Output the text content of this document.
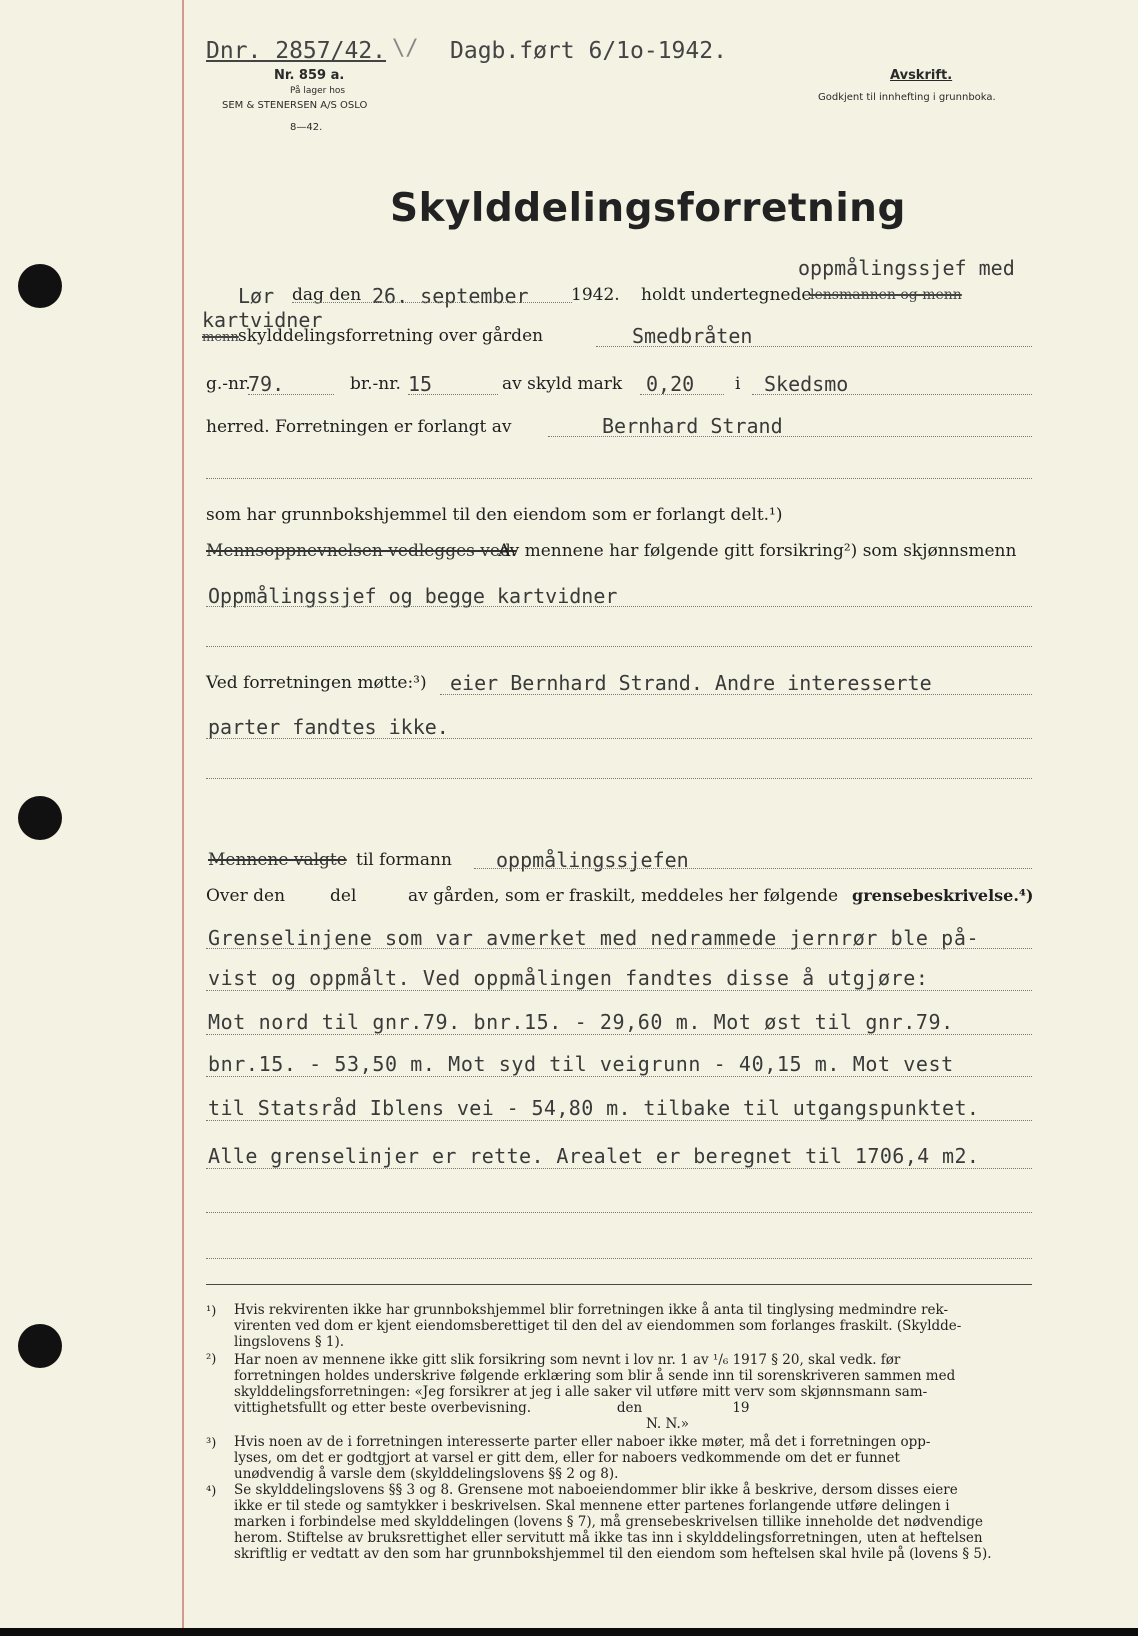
Dnr. 2857/42. \/ Dagb.ført 6/1o-1942.
Nr. 859 a.
På lager hos
SEM & STENERSEN A/S OSLO
8—42.
Avskrift.
Godkjent til innhefting i grunnboka.
Skylddelingsforretning
oppmålingssjef med
Lør dag den 26. september 1942. holdt undertegnede
lensmannen og menn
kartvidner
menn skylddelingsforretning over gården	Smedbråten
g.-nr.
79.	br.-nr. 15	av skyld mark 0,20 i Skedsmo
herred. Forretningen er forlangt av	Bernhard Strand
som har grunnbokshjemmel til den eiendom som er forlangt delt.¹)
Mennsoppnevnelsen vedlegges ved.
Av mennene har følgende gitt forsikring²) som skjønnsmenn
Oppmålingssjef og begge kartvidner
Ved forretningen møtte:³) eier Bernhard Strand. Andre interesserte
parter fandtes ikke.
Mennene valgte til formann oppmålingssjefen
Over den	del	av gården, som er fraskilt, meddeles her følgende grensebeskrivelse.⁴)
Grenselinjene som var avmerket med nedrammede jernrør ble på-
vist og oppmålt. Ved oppmålingen fandtes disse å utgjøre:
Mot nord til gnr.79. bnr.15. - 29,60 m. Mot øst til gnr.79.
bnr.15. - 53,50 m. Mot syd til veigrunn - 40,15 m. Mot vest
til Statsråd Iblens vei - 54,80 m. tilbake til utgangspunktet.
Alle grenselinjer er rette. Arealet er beregnet til 1706,4 m2.
¹) Hvis rekvirenten ikke har grunnbokshjemmel blir forretningen ikke å anta til tinglysing medmindre rek-
virenten ved dom er kjent eiendomsberettiget til den del av eiendommen som forlanges fraskilt. (Skyldde-
lingslovens § 1).
²) Har noen av mennene ikke gitt slik forsikring som nevnt i lov nr. 1 av ¹/₆ 1917 § 20, skal vedk. før
forretningen holdes underskrive følgende erklæring som blir å sende inn til sorenskriveren sammen med
skylddelingsforretningen: «Jeg forsikrer at jeg i alle saker vil utføre mitt verv som skjønnsmann sam-
vittighetsfullt og etter beste overbevisning.                    den                     19
N. N.»
³) Hvis noen av de i forretningen interesserte parter eller naboer ikke møter, må det i forretningen opp-
lyses, om det er godtgjort at varsel er gitt dem, eller for naboers vedkommende om det er funnet
unødvendig å varsle dem (skylddelingslovens §§ 2 og 8).
⁴) Se skylddelingslovens §§ 3 og 8. Grensene mot naboeiendommer blir ikke å beskrive, dersom disses eiere
ikke er til stede og samtykker i beskrivelsen. Skal mennene etter partenes forlangende utføre delingen i
marken i forbindelse med skylddelingen (lovens § 7), må grensebeskrivelsen tillike inneholde det nødvendige
herom. Stiftelse av bruksrettighet eller servitutt må ikke tas inn i skylddelingsforretningen, uten at heftelsen
skriftlig er vedtatt av den som har grunnbokshjemmel til den eiendom som heftelsen skal hvile på (lovens § 5).
